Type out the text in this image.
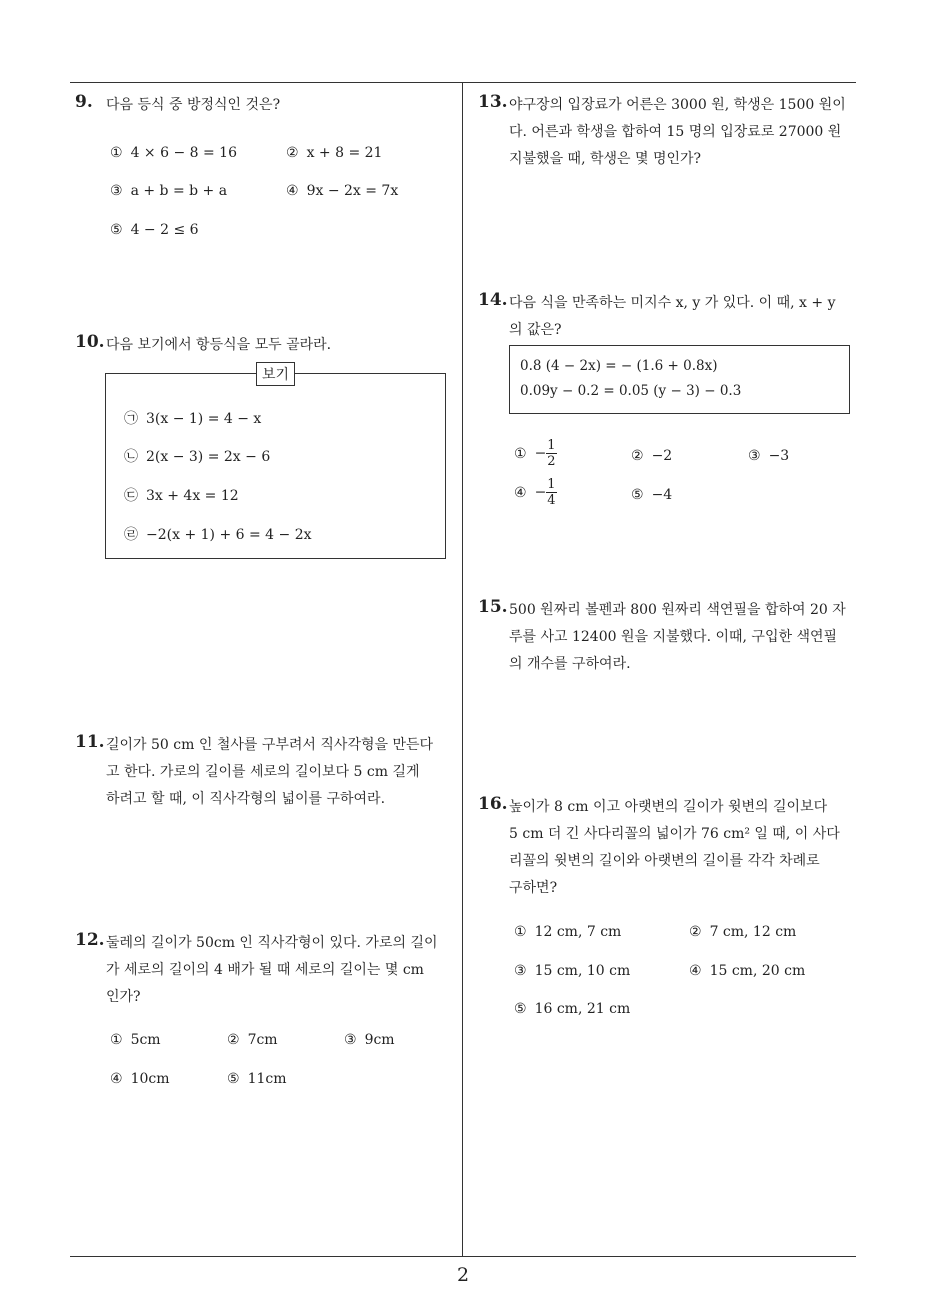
9. 다음 등식 중 방정식인 것은?
① 4 × 6 − 8 = 16	② x + 8 = 21
③ a + b = b + a	④ 9x − 2x = 7x
⑤ 4 − 2 ≤ 6
10. 다음 보기에서 항등식을 모두 골라라.
보기
㉠ 3(x − 1) = 4 − x
㉡ 2(x − 3) = 2x − 6
㉢ 3x + 4x = 12
㉣ −2(x + 1) + 6 = 4 − 2x
11. 길이가 50 cm 인 철사를 구부려서 직사각형을 만든다
고 한다. 가로의 길이를 세로의 길이보다 5 cm 길게
하려고 할 때, 이 직사각형의 넓이를 구하여라.
12. 둘레의 길이가 50cm 인 직사각형이 있다. 가로의 길이
가 세로의 길이의 4 배가 될 때 세로의 길이는 몇 cm
인가?
① 5cm	② 7cm	③ 9cm
④ 10cm	⑤ 11cm
13. 야구장의 입장료가 어른은 3000 원, 학생은 1500 원이
다. 어른과 학생을 합하여 15 명의 입장료로 27000 원
지불했을 때, 학생은 몇 명인가?
14. 다음 식을 만족하는 미지수 x, y 가 있다. 이 때, x + y
의 값은?
0.8 (4 − 2x) = − (1.6 + 0.8x)
0.09y − 0.2 = 0.05 (y − 3) − 0.3
① − $\frac{1}{2}$	② −2	③ −3
④ − $\frac{1}{4}$	⑤ −4
15. 500 원짜리 볼펜과 800 원짜리 색연필을 합하여 20 자
루를 사고 12400 원을 지불했다. 이때, 구입한 색연필
의 개수를 구하여라.
16. 높이가 8 cm 이고 아랫변의 길이가 윗변의 길이보다
5 cm 더 긴 사다리꼴의 넓이가 76 cm² 일 때, 이 사다
리꼴의 윗변의 길이와 아랫변의 길이를 각각 차례로
구하면?
① 12 cm, 7 cm	② 7 cm, 12 cm
③ 15 cm, 10 cm	④ 15 cm, 20 cm
⑤ 16 cm, 21 cm
2
